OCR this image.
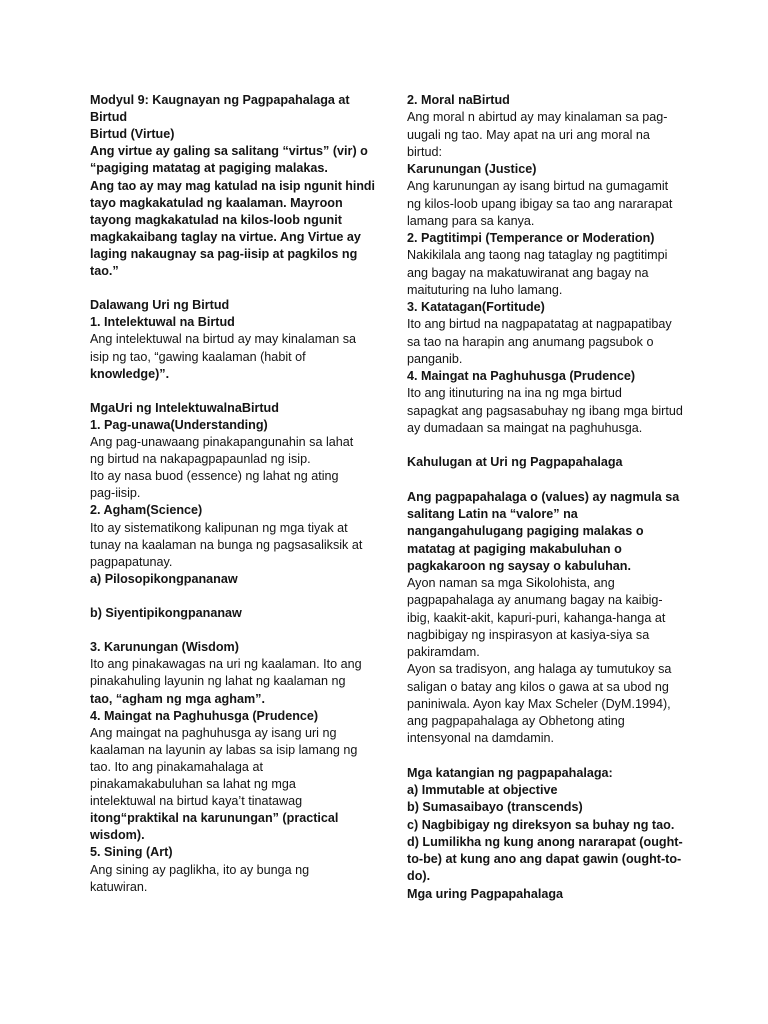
Modyul 9: Kaugnayan ng Pagpapahalaga at
Birtud
Birtud (Virtue)
Ang virtue ay galing sa salitang “virtus” (vir) o
“pagiging matatag at pagiging malakas.
Ang tao ay may mag katulad na isip ngunit hindi
tayo magkakatulad ng kaalaman. Mayroon
tayong magkakatulad na kilos-loob ngunit
magkakaibang taglay na virtue. Ang Virtue ay
laging nakaugnay sa pag-iisip at pagkilos ng
tao.”
Dalawang Uri ng Birtud
1. Intelektuwal na Birtud
Ang intelektuwal na birtud ay may kinalaman sa
isip ng tao, “gawing kaalaman (habit of
knowledge)”.
MgaUri ng IntelektuwalnaBirtud
1. Pag-unawa(Understanding)
Ang pag-unawaang pinakapangunahin sa lahat
ng birtud na nakapagpapaunlad ng isip.
Ito ay nasa buod (essence) ng lahat ng ating
pag-iisip.
2. Agham(Science)
Ito ay sistematikong kalipunan ng mga tiyak at
tunay na kaalaman na bunga ng pagsasaliksik at
pagpapatunay.
a) Pilosopikongpananaw
b) Siyentipikongpananaw
3. Karunungan (Wisdom)
Ito ang pinakawagas na uri ng kaalaman. Ito ang
pinakahuling layunin ng lahat ng kaalaman ng
tao, “agham ng mga agham”.
4. Maingat na Paghuhusga (Prudence)
Ang maingat na paghuhusga ay isang uri ng
kaalaman na layunin ay labas sa isip lamang ng
tao. Ito ang pinakamahalaga at
pinakamakabuluhan sa lahat ng mga
intelektuwal na birtud kaya’t tinatawag
itong“praktikal na karunungan” (practical
wisdom).
5. Sining (Art)
Ang sining ay paglikha, ito ay bunga ng
katuwiran.
2. Moral naBirtud
Ang moral n abirtud ay may kinalaman sa pag-
uugali ng tao. May apat na uri ang moral na
birtud:
Karunungan (Justice)
Ang karunungan ay isang birtud na gumagamit
ng kilos-loob upang ibigay sa tao ang nararapat
lamang para sa kanya.
2. Pagtitimpi (Temperance or Moderation)
Nakikilala ang taong nag tataglay ng pagtitimpi
ang bagay na makatuwiranat ang bagay na
maituturing na luho lamang.
3. Katatagan(Fortitude)
Ito ang birtud na nagpapatatag at nagpapatibay
sa tao na harapin ang anumang pagsubok o
panganib.
4. Maingat na Paghuhusga (Prudence)
Ito ang itinuturing na ina ng mga birtud
sapagkat ang pagsasabuhay ng ibang mga birtud
ay dumadaan sa maingat na paghuhusga.
Kahulugan at Uri ng Pagpapahalaga
Ang pagpapahalaga o (values) ay nagmula sa
salitang Latin na “valore” na
nangangahulugang pagiging malakas o
matatag at pagiging makabuluhan o
pagkakaroon ng saysay o kabuluhan.
Ayon naman sa mga Sikolohista, ang
pagpapahalaga ay anumang bagay na kaibig-
ibig, kaakit-akit, kapuri-puri, kahanga-hanga at
nagbibigay ng inspirasyon at kasiya-siya sa
pakiramdam.
Ayon sa tradisyon, ang halaga ay tumutukoy sa
saligan o batay ang kilos o gawa at sa ubod ng
paniniwala. Ayon kay Max Scheler (DyM.1994),
ang pagpapahalaga ay Obhetong ating
intensyonal na damdamin.
Mga katangian ng pagpapahalaga:
a) Immutable at objective
b) Sumasaibayo (transcends)
c) Nagbibigay ng direksyon sa buhay ng tao.
d) Lumilikha ng kung anong nararapat (ought-
to-be) at kung ano ang dapat gawin (ought-to-
do).
Mga uring Pagpapahalaga
